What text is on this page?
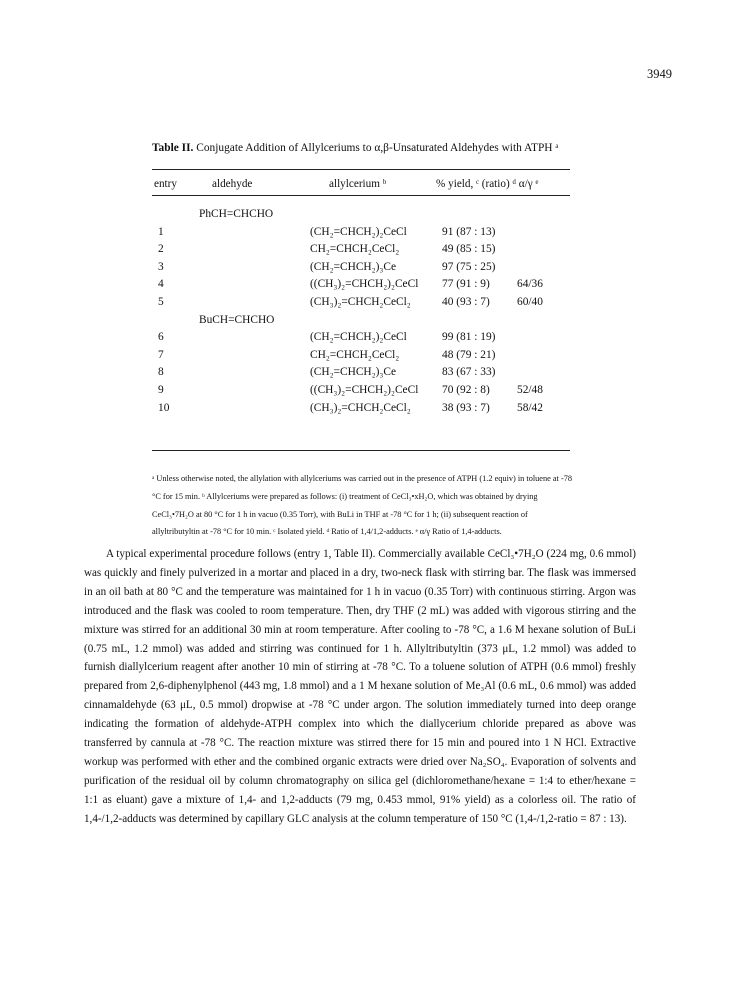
3949
Table II. Conjugate Addition of Allylceriums to α,β-Unsaturated Aldehydes with ATPH ᵃ
entry	aldehyde	allylcerium ᵇ	% yield, ᶜ (ratio) ᵈ α/γ ᵉ
PhCH=CHCHO
1	(CH₂=CHCH₂)₂CeCl	91 (87 : 13)
2	CH₂=CHCH₂CeCl₂	49 (85 : 15)
3	(CH₂=CHCH₂)₃Ce	97 (75 : 25)
4	((CH₃)₂=CHCH₂)₂CeCl 77 (91 : 9) 64/36
5	(CH₃)₂=CHCH₂CeCl₂	40 (93 : 7) 60/40
BuCH=CHCHO
6	(CH₂=CHCH₂)₂CeCl	99 (81 : 19)
7	CH₂=CHCH₂CeCl₂	48 (79 : 21)
8	(CH₂=CHCH₂)₃Ce	83 (67 : 33)
9	((CH₃)₂=CHCH₂)₂CeCl 70 (92 : 8) 52/48
10	(CH₃)₂=CHCH₂CeCl₂	38 (93 : 7) 58/42
ᵃ Unless otherwise noted, the allylation with allylceriums was carried out in the presence of ATPH (1.2 equiv) in toluene at -78 °C for 15 min. ᵇ Allylceriums were prepared as follows: (i) treatment of CeCl₃•xH₂O, which was obtained by drying CeCl₃•7H₂O at 80 °C for 1 h in vacuo (0.35 Torr), with BuLi in THF at -78 °C for 1 h; (ii) subsequent reaction of allyltributyltin at -78 °C for 10 min. ᶜ Isolated yield. ᵈ Ratio of 1,4/1,2-adducts. ᵉ α/γ Ratio of 1,4-adducts.
A typical experimental procedure follows (entry 1, Table II). Commercially available CeCl₃•7H₂O (224 mg, 0.6 mmol) was quickly and finely pulverized in a mortar and placed in a dry, two-neck flask with stirring bar. The flask was immersed in an oil bath at 80 °C and the temperature was maintained for 1 h in vacuo (0.35 Torr) with continuous stirring. Argon was introduced and the flask was cooled to room temperature. Then, dry THF (2 mL) was added with vigorous stirring and the mixture was stirred for an additional 30 min at room temperature. After cooling to -78 °C, a 1.6 M hexane solution of BuLi (0.75 mL, 1.2 mmol) was added and stirring was continued for 1 h. Allyltributyltin (373 μL, 1.2 mmol) was added to furnish diallylcerium reagent after another 10 min of stirring at -78 °C. To a toluene solution of ATPH (0.6 mmol) freshly prepared from 2,6-diphenylphenol (443 mg, 1.8 mmol) and a 1 M hexane solution of Me₃Al (0.6 mL, 0.6 mmol) was added cinnamaldehyde (63 μL, 0.5 mmol) dropwise at -78 °C under argon. The solution immediately turned into deep orange indicating the formation of aldehyde-ATPH complex into which the diallycerium chloride prepared as above was transferred by cannula at -78 °C. The reaction mixture was stirred there for 15 min and poured into 1 N HCl. Extractive workup was performed with ether and the combined organic extracts were dried over Na₂SO₄. Evaporation of solvents and purification of the residual oil by column chromatography on silica gel (dichloromethane/hexane = 1:4 to ether/hexane = 1:1 as eluant) gave a mixture of 1,4- and 1,2-adducts (79 mg, 0.453 mmol, 91% yield) as a colorless oil. The ratio of 1,4-/1,2-adducts was determined by capillary GLC analysis at the column temperature of 150 °C (1,4-/1,2-ratio = 87 : 13).
